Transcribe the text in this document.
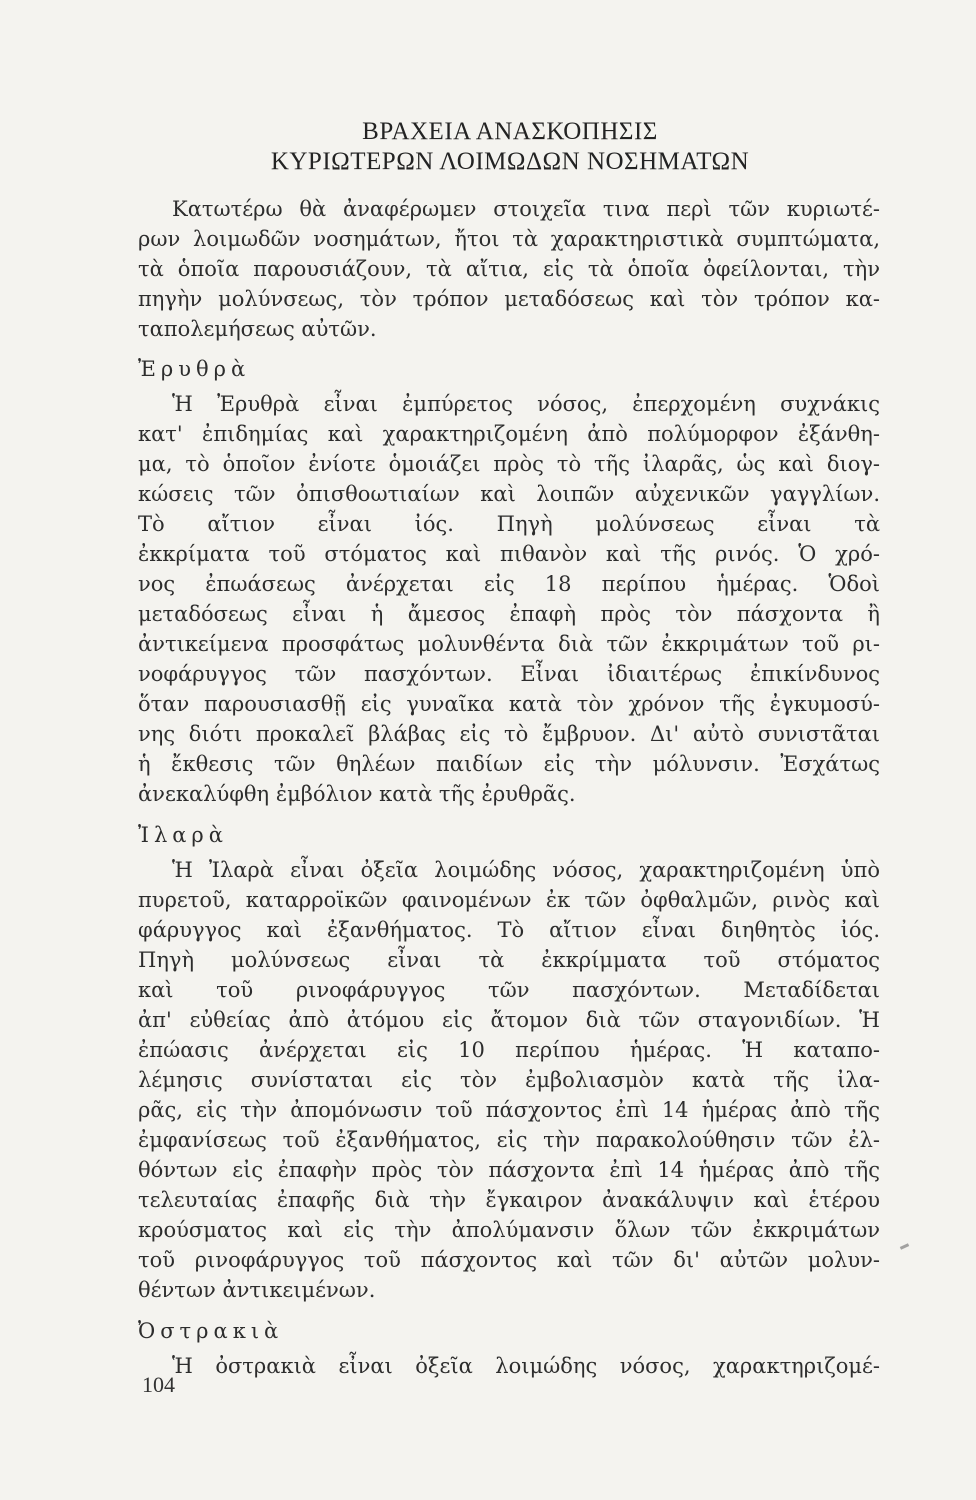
ΒΡΑΧΕΙΑ ΑΝΑΣΚΟΠΗΣΙΣ
ΚΥΡΙΩΤΕΡΩΝ ΛΟΙΜΩΔΩΝ ΝΟΣΗΜΑΤΩΝ
Κατωτέρω θὰ ἀναφέρωμεν στοιχεῖα τινα περὶ τῶν κυριωτέ-
ρων λοιμωδῶν νοσημάτων, ἤτοι τὰ χαρακτηριστικὰ συμπτώματα,
τὰ ὁποῖα παρουσιάζουν, τὰ αἴτια, εἰς τὰ ὁποῖα ὀφείλονται, τὴν
πηγὴν μολύνσεως, τὸν τρόπον μεταδόσεως καὶ τὸν τρόπον κα-
ταπολεμήσεως αὐτῶν.
Ἐρυθρὰ
Ἡ Ἐρυθρὰ εἶναι ἐμπύρετος νόσος, ἐπερχομένη συχνάκις
κατ' ἐπιδημίας καὶ χαρακτηριζομένη ἀπὸ πολύμορφον ἐξάνθη-
μα, τὸ ὁποῖον ἐνίοτε ὁμοιάζει πρὸς τὸ τῆς ἰλαρᾶς, ὡς καὶ διογ-
κώσεις τῶν ὀπισθοωτιαίων καὶ λοιπῶν αὐχενικῶν γαγγλίων.
Τὸ αἴτιον εἶναι ἰός. Πηγὴ μολύνσεως εἶναι τὰ
ἐκκρίματα τοῦ στόματος καὶ πιθανὸν καὶ τῆς ρινός. Ὁ χρό-
νος ἐπωάσεως ἀνέρχεται εἰς 18 περίπου ἡμέρας. Ὁδοὶ
μεταδόσεως εἶναι ἡ ἄμεσος ἐπαφὴ πρὸς τὸν πάσχοντα ἢ
ἀντικείμενα προσφάτως μολυνθέντα διὰ τῶν ἐκκριμάτων τοῦ ρι-
νοφάρυγγος τῶν πασχόντων. Εἶναι ἰδιαιτέρως ἐπικίνδυνος
ὅταν παρουσιασθῇ εἰς γυναῖκα κατὰ τὸν χρόνον τῆς ἐγκυμοσύ-
νης διότι προκαλεῖ βλάβας εἰς τὸ ἔμβρυον. Δι' αὐτὸ συνιστᾶται
ἡ ἔκθεσις τῶν θηλέων παιδίων εἰς τὴν μόλυνσιν. Ἐσχάτως
ἀνεκαλύφθη ἐμβόλιον κατὰ τῆς ἐρυθρᾶς.
Ἰλαρὰ
Ἡ Ἰλαρὰ εἶναι ὀξεῖα λοιμώδης νόσος, χαρακτηριζομένη ὑπὸ
πυρετοῦ, καταρροϊκῶν φαινομένων ἐκ τῶν ὀφθαλμῶν, ρινὸς καὶ
φάρυγγος καὶ ἐξανθήματος. Τὸ αἴτιον εἶναι διηθητὸς ἰός.
Πηγὴ μολύνσεως εἶναι τὰ ἐκκρίμματα τοῦ στόματος
καὶ τοῦ ρινοφάρυγγος τῶν πασχόντων. Μεταδίδεται
ἀπ' εὐθείας ἀπὸ ἀτόμου εἰς ἄτομον διὰ τῶν σταγονιδίων. Ἡ
ἐπώασις ἀνέρχεται εἰς 10 περίπου ἡμέρας. Ἡ καταπο-
λέμησις συνίσταται εἰς τὸν ἐμβολιασμὸν κατὰ τῆς ἰλα-
ρᾶς, εἰς τὴν ἀπομόνωσιν τοῦ πάσχοντος ἐπὶ 14 ἡμέρας ἀπὸ τῆς
ἐμφανίσεως τοῦ ἐξανθήματος, εἰς τὴν παρακολούθησιν τῶν ἐλ-
θόντων εἰς ἐπαφὴν πρὸς τὸν πάσχοντα ἐπὶ 14 ἡμέρας ἀπὸ τῆς
τελευταίας ἐπαφῆς διὰ τὴν ἔγκαιρον ἀνακάλυψιν καὶ ἑτέρου
κρούσματος καὶ εἰς τὴν ἀπολύμανσιν ὅλων τῶν ἐκκριμάτων
τοῦ ρινοφάρυγγος τοῦ πάσχοντος καὶ τῶν δι' αὐτῶν μολυν-
θέντων ἀντικειμένων.
Ὀστρακιὰ
Ἡ ὀστρακιὰ εἶναι ὀξεῖα λοιμώδης νόσος, χαρακτηριζομέ-
104
